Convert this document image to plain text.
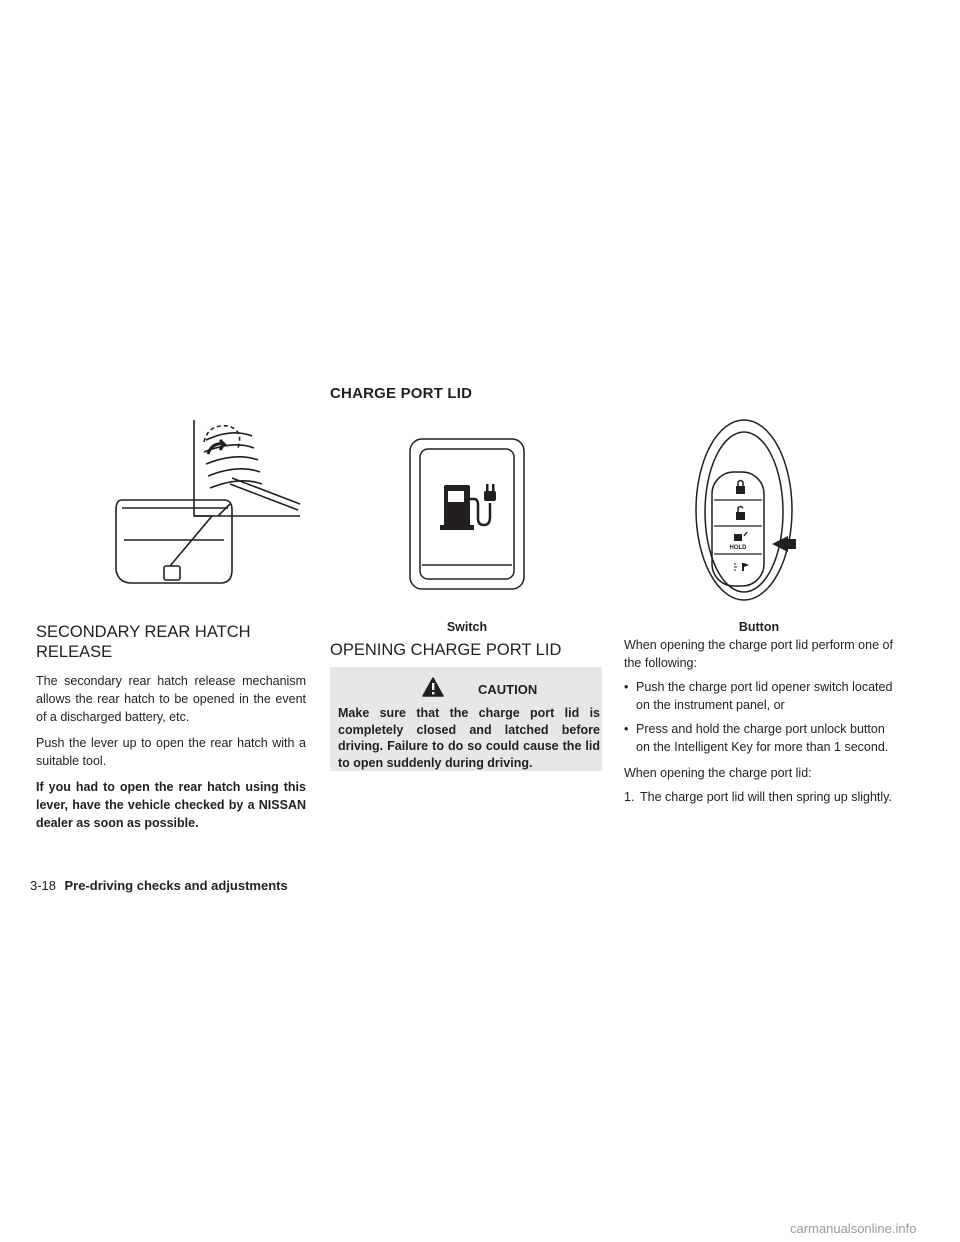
CHARGE PORT LID
HOLD
Switch	Button
SECONDARY REAR HATCH
RELEASE

The secondary rear hatch release mechanism allows the rear hatch to be opened in the event of a discharged battery, etc.

Push the lever up to open the rear hatch with a suitable tool.

If you had to open the rear hatch using this lever, have the vehicle checked by a NISSAN dealer as soon as possible.

OPENING CHARGE PORT LID
CAUTION

Make sure that the charge port lid is completely closed and latched before driving. Failure to do so could cause the lid to open suddenly during driving.

When opening the charge port lid perform one of the following:

• Push the charge port lid opener switch located on the instrument panel, or
• Press and hold the charge port unlock button on the Intelligent Key for more than 1 second.

When opening the charge port lid:

1. The charge port lid will then spring up slightly.
3-18 Pre-driving checks and adjustments
carmanualsonline.info
